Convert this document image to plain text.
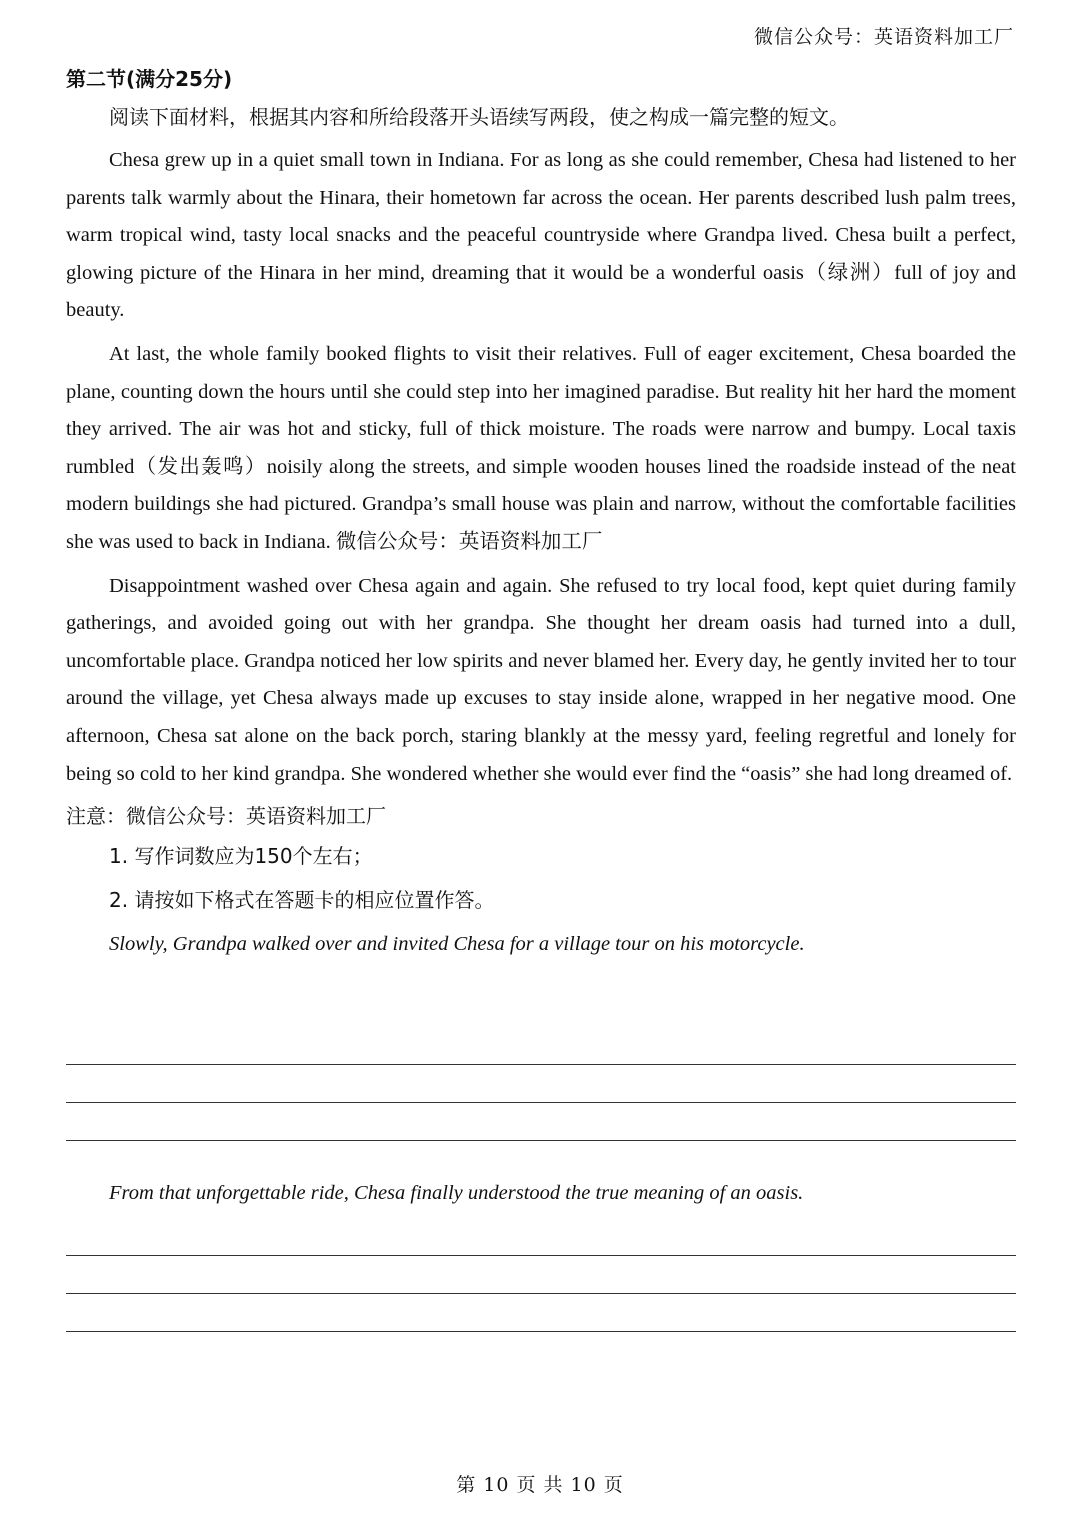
微信公众号：英语资料加工厂
第二节(满分25分)
阅读下面材料，根据其内容和所给段落开头语续写两段，使之构成一篇完整的短文。

Chesa grew up in a quiet small town in Indiana. For as long as she could remember, Chesa had listened to her parents talk warmly about the Hinara, their hometown far across the ocean. Her parents described lush palm trees, warm tropical wind, tasty local snacks and the peaceful countryside where Grandpa lived. Chesa built a perfect, glowing picture of the Hinara in her mind, dreaming that it would be a wonderful oasis（绿洲）full of joy and beauty.

At last, the whole family booked flights to visit their relatives. Full of eager excitement, Chesa boarded the plane, counting down the hours until she could step into her imagined paradise. But reality hit her hard the moment they arrived. The air was hot and sticky, full of thick moisture. The roads were narrow and bumpy. Local taxis rumbled（发出轰鸣）noisily along the streets, and simple wooden houses lined the roadside instead of the neat modern buildings she had pictured. Grandpa’s small house was plain and narrow, without the comfortable facilities she was used to back in Indiana. 微信公众号：英语资料加工厂

Disappointment washed over Chesa again and again. She refused to try local food, kept quiet during family gatherings, and avoided going out with her grandpa. She thought her dream oasis had turned into a dull, uncomfortable place. Grandpa noticed her low spirits and never blamed her. Every day, he gently invited her to tour around the village, yet Chesa always made up excuses to stay inside alone, wrapped in her negative mood. One afternoon, Chesa sat alone on the back porch, staring blankly at the messy yard, feeling regretful and lonely for being so cold to her kind grandpa. She wondered whether she would ever find the “oasis” she had long dreamed of.

注意：微信公众号：英语资料加工厂
1. 写作词数应为150个左右；
2. 请按如下格式在答题卡的相应位置作答。
Slowly, Grandpa walked over and invited Chesa for a village tour on his motorcycle.
From that unforgettable ride, Chesa finally understood the true meaning of an oasis.
第 10 页 共 10 页
